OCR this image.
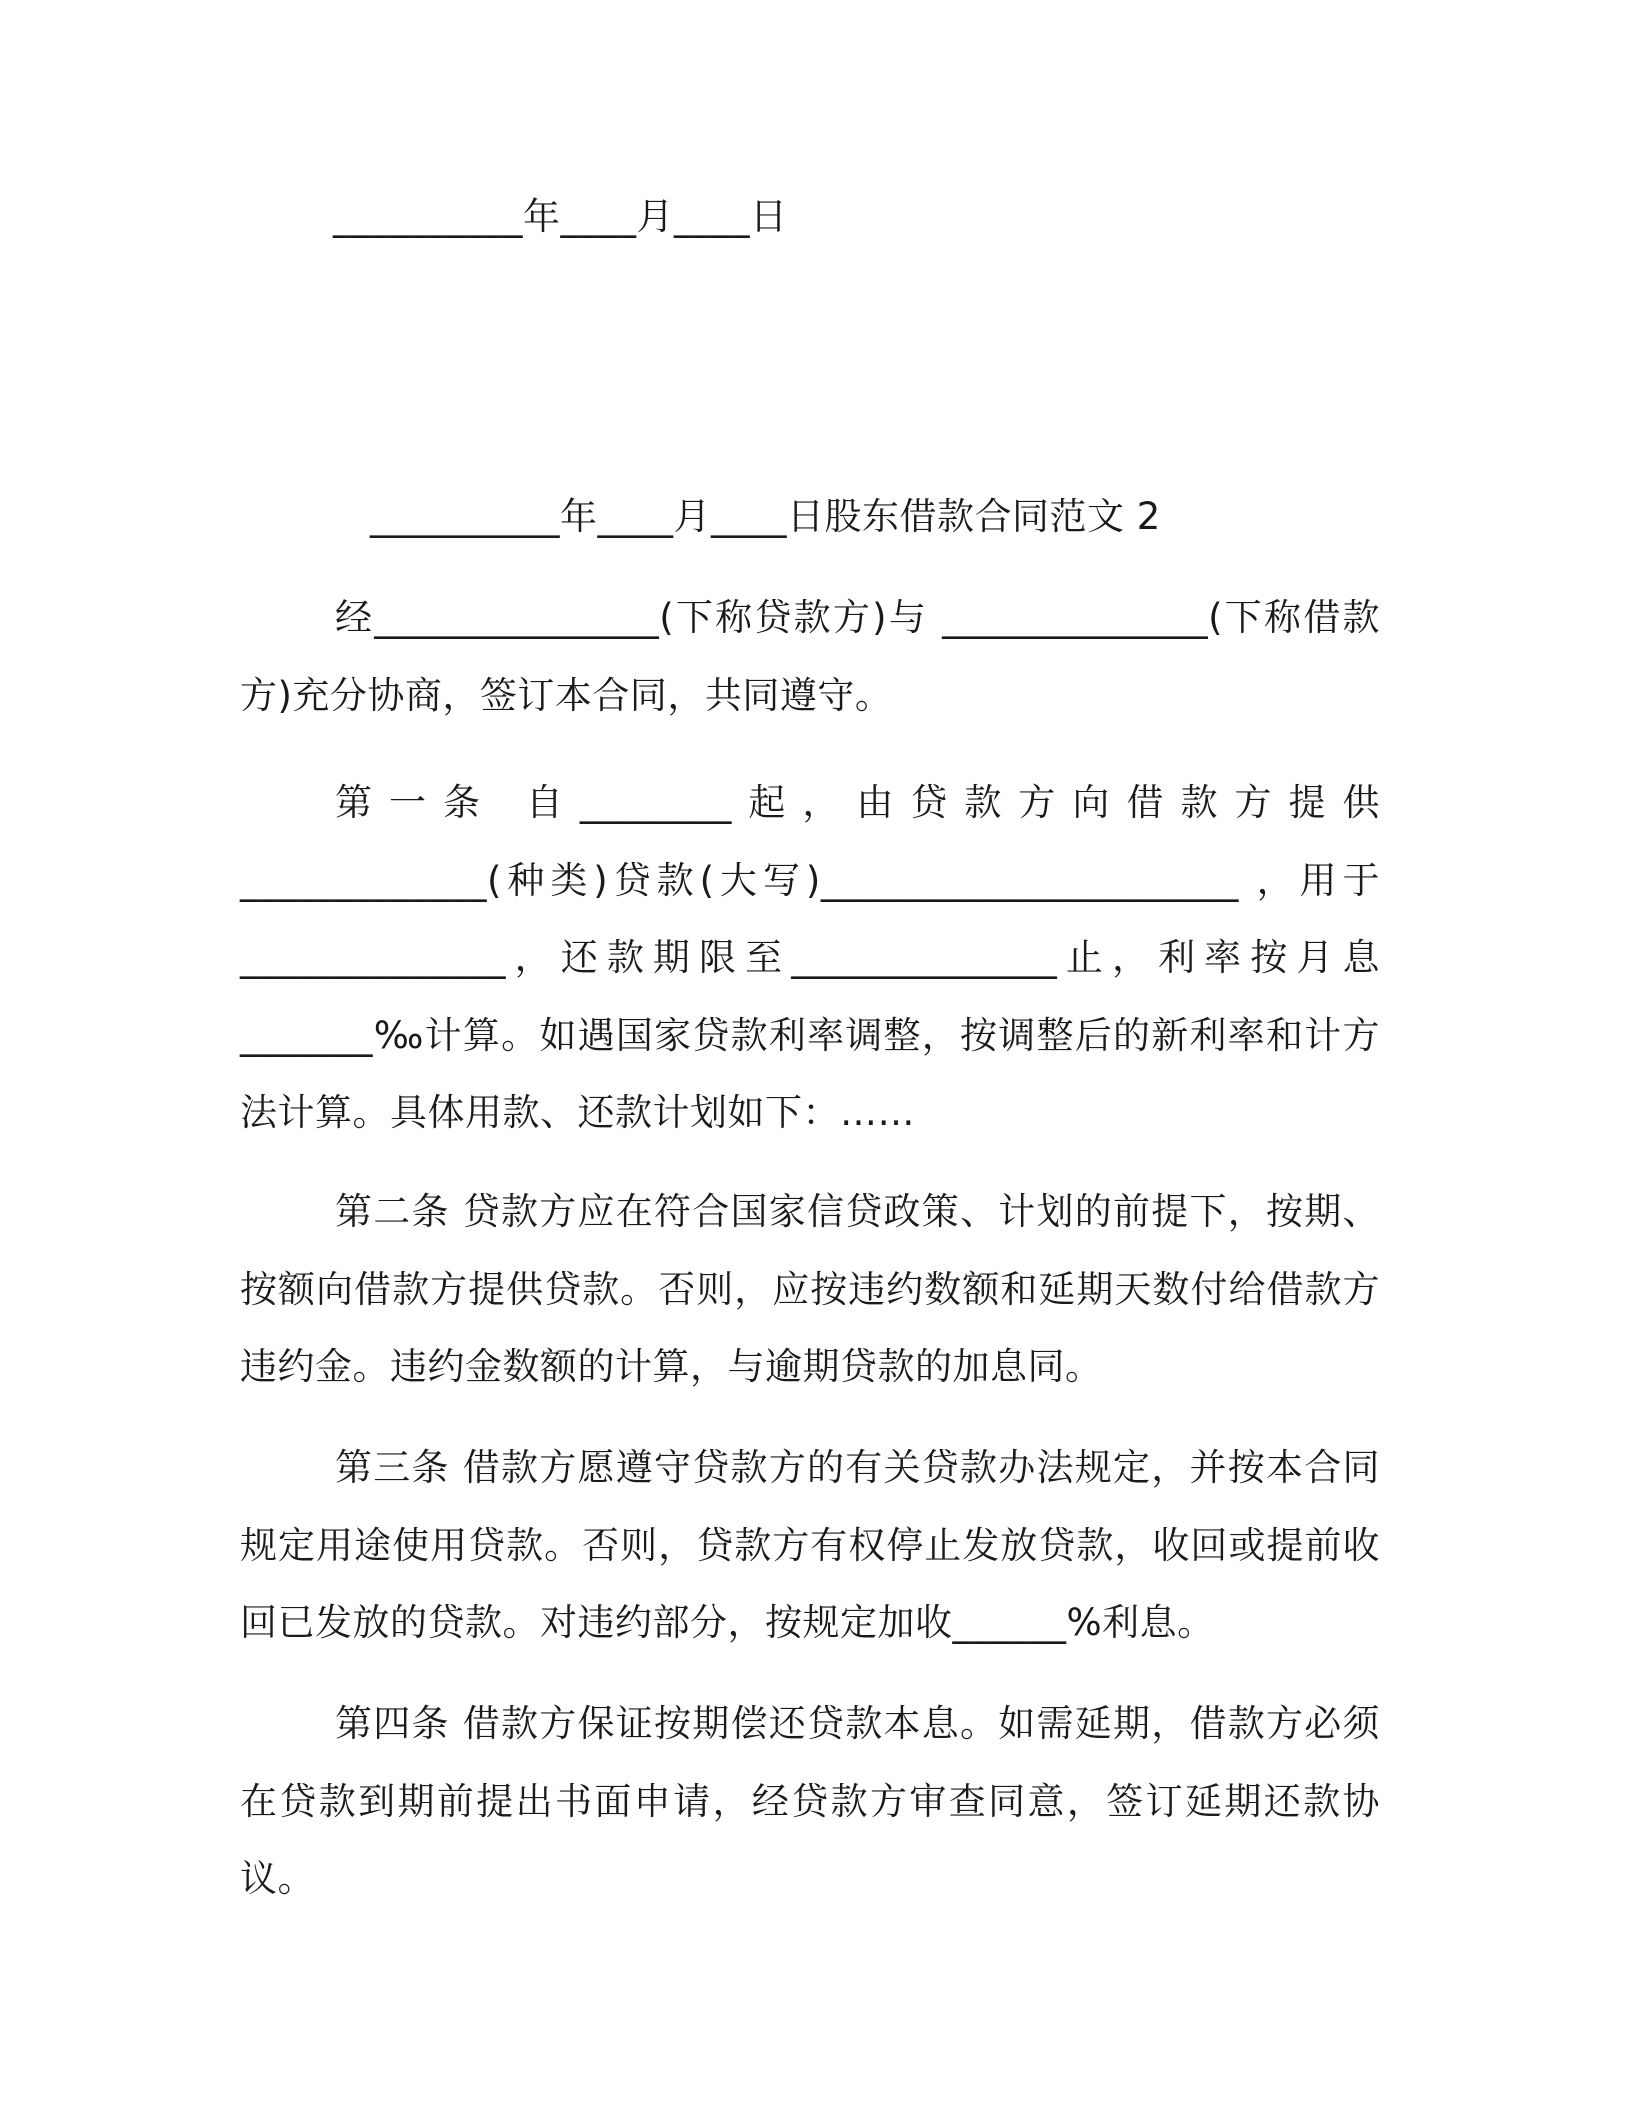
__________年____月____日
__________年____月____日股东借款合同范文 2
经_______________(下称贷款方)与 ______________(下称借款方)充分协商，签订本合同，共同遵守。
第一条 自________起，由贷款方向借款方提供_____________(种类)贷款(大写)______________________ ，用于______________，还款期限至______________止，利率按月息_______‰计算。如遇国家贷款利率调整，按调整后的新利率和计方法计算。具体用款、还款计划如下：……
第二条 贷款方应在符合国家信贷政策、计划的前提下，按期、按额向借款方提供贷款。否则，应按违约数额和延期天数付给借款方违约金。违约金数额的计算，与逾期贷款的加息同。
第三条 借款方愿遵守贷款方的有关贷款办法规定，并按本合同规定用途使用贷款。否则，贷款方有权停止发放贷款，收回或提前收回已发放的贷款。对违约部分，按规定加收______%利息。
第四条 借款方保证按期偿还贷款本息。如需延期，借款方必须在贷款到期前提出书面申请，经贷款方审查同意，签订延期还款协议。
